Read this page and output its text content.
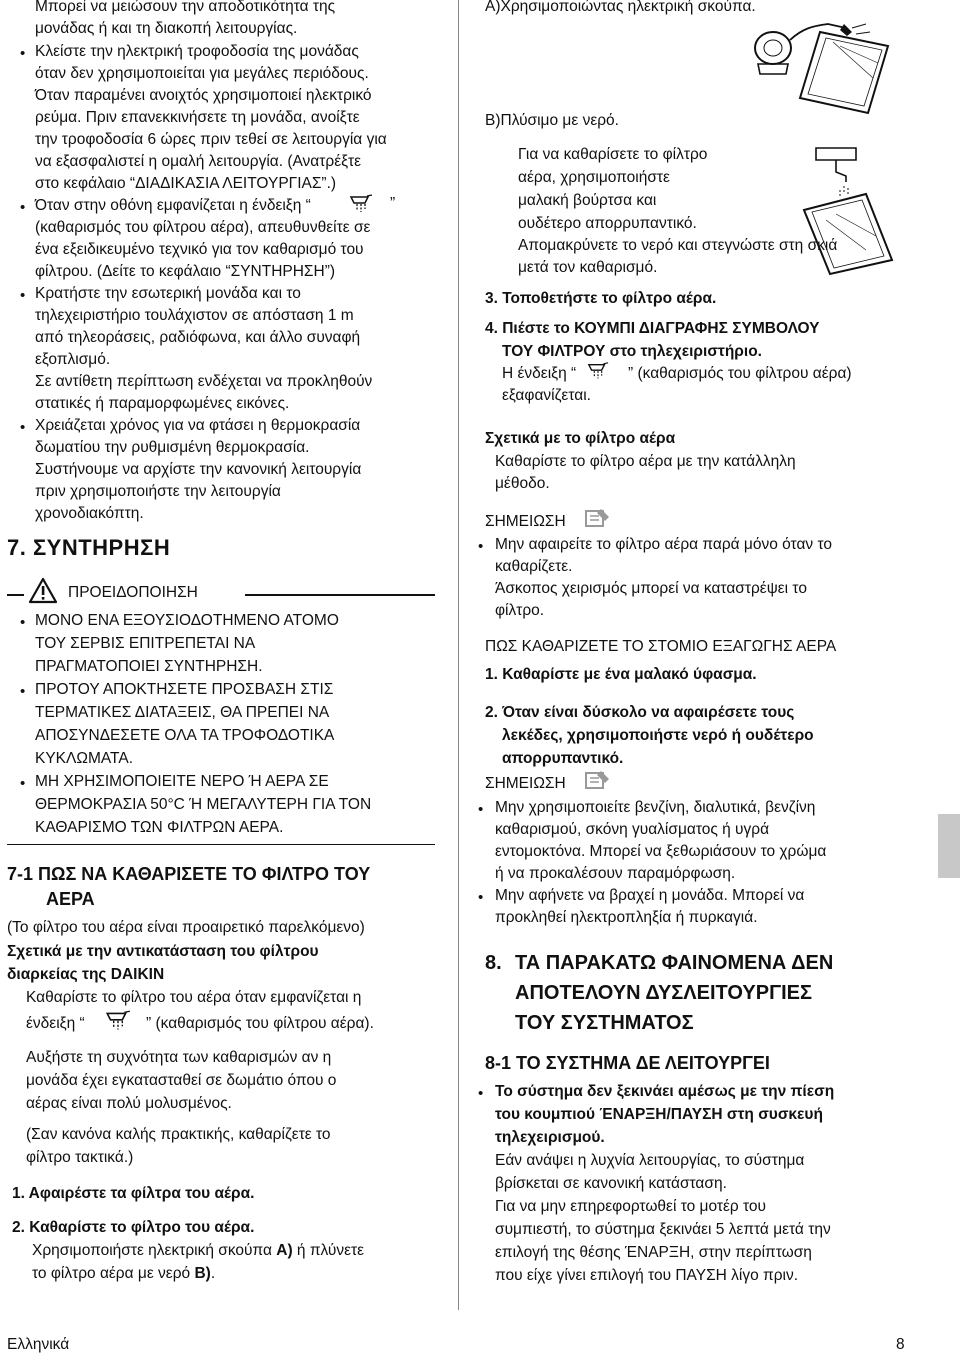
Μπορεί να μειώσουν την αποδοτικότητα της
μονάδας ή και τη διακοπή λειτουργίας.
• Κλείστε την ηλεκτρική τροφοδοσία της μονάδας
όταν δεν χρησιμοποιείται για μεγάλες περιόδους.
Όταν παραμένει ανοιχτός χρησιμοποιεί ηλεκτρικό
ρεύμα. Πριν επανεκκινήσετε τη μονάδα, ανοίξτε
την τροφοδοσία 6 ώρες πριν τεθεί σε λειτουργία για
να εξασφαλιστεί η ομαλή λειτουργία. (Ανατρέξτε
στο κεφάλαιο “ΔΙΑΔΙΚΑΣΙΑ ΛΕΙΤΟΥΡΓΙΑΣ”.)
• Όταν στην οθόνη εμφανίζεται η ένδειξη “	”
(καθαρισμός του φίλτρου αέρα), απευθυνθείτε σε
ένα εξειδικευμένο τεχνικό για τον καθαρισμό του
φίλτρου. (Δείτε το κεφάλαιο “ΣΥΝΤΗΡΗΣΗ”)
• Κρατήστε την εσωτερική μονάδα και το
τηλεχειριστήριο τουλάχιστον σε απόσταση 1 m
από τηλεοράσεις, ραδιόφωνα, και άλλο συναφή
εξοπλισμό.
Σε αντίθετη περίπτωση ενδέχεται να προκληθούν
στατικές ή παραμορφωμένες εικόνες.
• Χρειάζεται χρόνος για να φτάσει η θερμοκρασία
δωματίου την ρυθμισμένη θερμοκρασία.
Συστήνουμε να αρχίστε την κανονική λειτουργία
πριν χρησιμοποιήστε την λειτουργία
χρονοδιακόπτη.
7. ΣΥΝΤΗΡΗΣΗ
ΠΡΟΕΙΔΟΠΟΙΗΣΗ
• ΜΟΝΟ ΕΝΑ ΕΞΟΥΣΙΟΔΟΤΗΜΕΝΟ ΑΤΟΜΟ
ΤΟΥ ΣΕΡΒΙΣ ΕΠΙΤΡΕΠΕΤΑΙ ΝΑ
ΠΡΑΓΜΑΤΟΠΟΙΕΙ ΣΥΝΤΗΡΗΣΗ.
• ΠΡΟΤΟΥ ΑΠΟΚΤΗΣΕΤΕ ΠΡΟΣΒΑΣΗ ΣΤΙΣ
ΤΕΡΜΑΤΙΚΕΣ ΔΙΑΤΑΞΕΙΣ, ΘΑ ΠΡΕΠΕΙ ΝΑ
ΑΠΟΣΥΝΔΕΣΕΤΕ ΟΛΑ ΤΑ ΤΡΟΦΟΔΟΤΙΚΑ
ΚΥΚΛΩΜΑΤΑ.
• ΜΗ ΧΡΗΣΙΜΟΠΟΙΕΙΤΕ ΝΕΡΟ Ή ΑΕΡΑ ΣΕ
ΘΕΡΜΟΚΡΑΣΙΑ 50°C Ή ΜΕΓΑΛΥΤΕΡΗ ΓΙΑ ΤΟΝ
ΚΑΘΑΡΙΣΜΟ ΤΩΝ ΦΙΛΤΡΩΝ ΑΕΡΑ.
7-1 ΠΩΣ ΝΑ ΚΑΘΑΡΙΣΕΤΕ ΤΟ ΦΙΛΤΡΟ ΤΟΥ
ΑΕΡΑ
(Το φίλτρο του αέρα είναι προαιρετικό παρελκόμενο)
Σχετικά με την αντικατάσταση του φίλτρου
διαρκείας της DAIKIN
Καθαρίστε το φίλτρο του αέρα όταν εμφανίζεται η
ένδειξη “	” (καθαρισμός του φίλτρου αέρα).
Αυξήστε τη συχνότητα των καθαρισμών αν η
μονάδα έχει εγκατασταθεί σε δωμάτιο όπου ο
αέρας είναι πολύ μολυσμένος.
(Σαν κανόνα καλής πρακτικής, καθαρίζετε το
φίλτρο τακτικά.)
1. Αφαιρέστε τα φίλτρα του αέρα.
2. Καθαρίστε το φίλτρο του αέρα.
Χρησιμοποιήστε ηλεκτρική σκούπα Α) ή πλύνετε
το φίλτρο αέρα με νερό Β).
Α)Χρησιμοποιώντας ηλεκτρική σκούπα.
Β)Πλύσιμο με νερό.
Για να καθαρίσετε το φίλτρο
αέρα, χρησιμοποιήστε
μαλακή βούρτσα και
ουδέτερο απορρυπαντικό.
Απομακρύνετε το νερό και στεγνώστε στη σκιά
μετά τον καθαρισμό.
3. Τοποθετήστε το φίλτρο αέρα.
4. Πιέστε το ΚΟΥΜΠΙ ΔΙΑΓΡΑΦΗΣ ΣΥΜΒΟΛΟΥ
ΤΟΥ ΦΙΛΤΡΟΥ στο τηλεχειριστήριο.
Η ένδειξη “	” (καθαρισμός του φίλτρου αέρα)
εξαφανίζεται.
Σχετικά με το φίλτρο αέρα
Καθαρίστε το φίλτρο αέρα με την κατάλληλη
μέθοδο.
ΣΗΜΕΙΩΣΗ
• Μην αφαιρείτε το φίλτρο αέρα παρά μόνο όταν το
καθαρίζετε.
Άσκοπος χειρισμός μπορεί να καταστρέψει το
φίλτρο.
ΠΩΣ ΚΑΘΑΡΙΖΕΤΕ ΤΟ ΣΤΟΜΙΟ ΕΞΑΓΩΓΗΣ ΑΕΡΑ
1. Καθαρίστε με ένα μαλακό ύφασμα.
2. Όταν είναι δύσκολο να αφαιρέσετε τους
λεκέδες, χρησιμοποιήστε νερό ή ουδέτερο
απορρυπαντικό.
ΣΗΜΕΙΩΣΗ
• Μην χρησιμοποιείτε βενζίνη, διαλυτικά, βενζίνη
καθαρισμού, σκόνη γυαλίσματος ή υγρά
εντομοκτόνα. Μπορεί να ξεθωριάσουν το χρώμα
ή να προκαλέσουν παραμόρφωση.
• Μην αφήνετε να βραχεί η μονάδα. Μπορεί να
προκληθεί ηλεκτροπληξία ή πυρκαγιά.
8. ΤΑ ΠΑΡΑΚΑΤΩ ΦΑΙΝΟΜΕΝΑ ΔΕΝ
ΑΠΟΤΕΛΟΥΝ ΔΥΣΛΕΙΤΟΥΡΓΙΕΣ
ΤΟΥ ΣΥΣΤΗΜΑΤΟΣ
8-1 ΤΟ ΣΥΣΤΗΜΑ ΔΕ ΛΕΙΤΟΥΡΓΕΙ
• Το σύστημα δεν ξεκινάει αμέσως με την πίεση
του κουμπιού ΈΝΑΡΞΗ/ΠΑΥΣΗ στη συσκευή
τηλεχειρισμού.
Εάν ανάψει η λυχνία λειτουργίας, το σύστημα
βρίσκεται σε κανονική κατάσταση.
Για να μην επηρεφορτωθεί το μοτέρ του
συμπιεστή, το σύστημα ξεκινάει 5 λεπτά μετά την
επιλογή της θέσης ΈΝΑΡΞΗ, στην περίπτωση
που είχε γίνει επιλογή του ΠΑΥΣΗ λίγο πριν.
Ελληνικά	8
